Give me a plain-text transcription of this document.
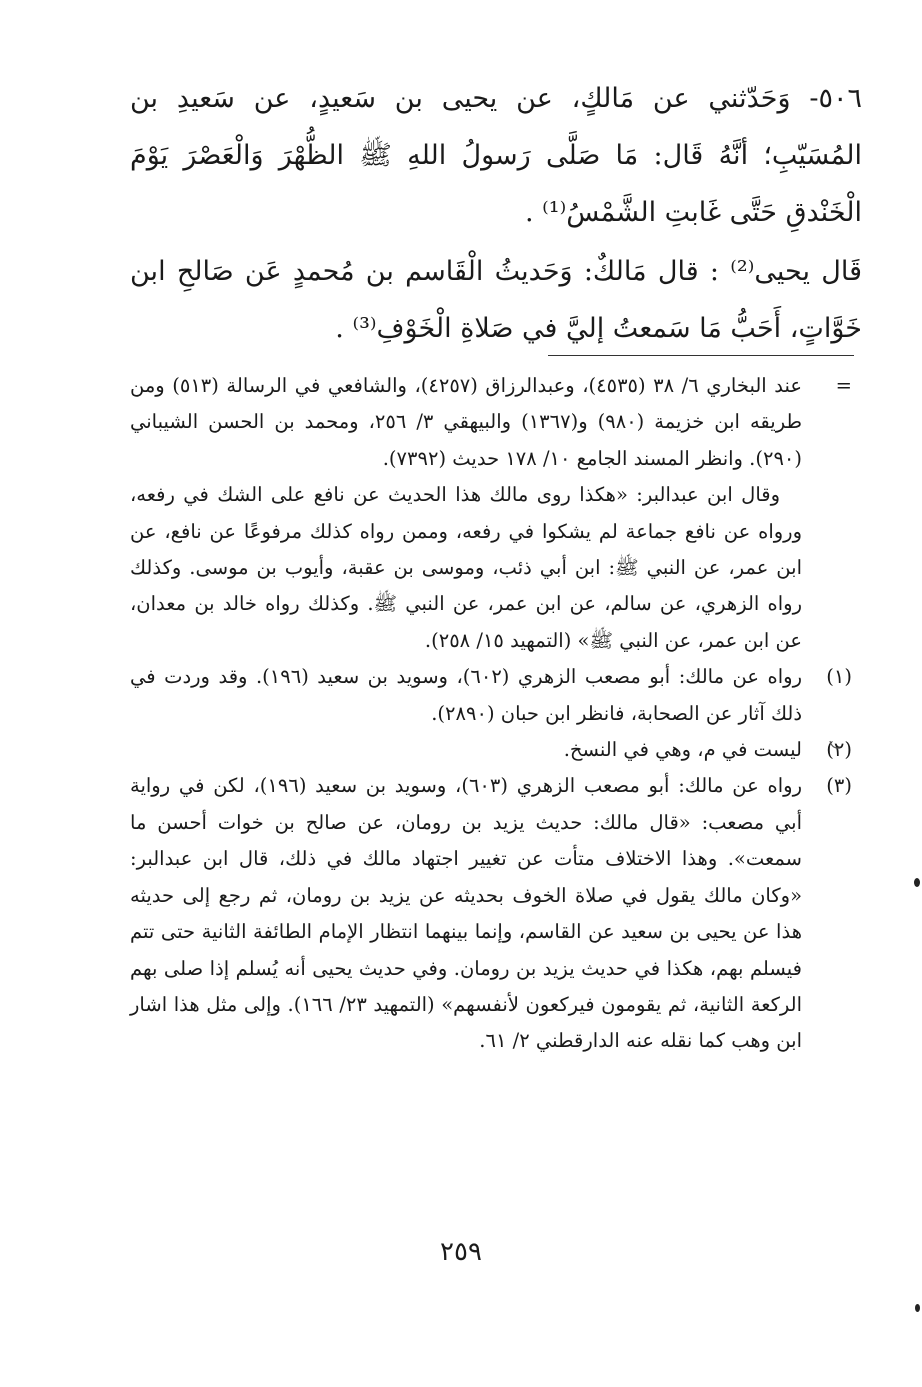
٥٠٦- وَحَدّثني عن مَالكٍ، عن يحيى بن سَعيدٍ، عن سَعيدِ بن المُسَيّبِ؛ أنَّهُ قَال: مَا صَلَّى رَسولُ اللهِ ﷺ الظُّهْرَ وَالْعَصْرَ يَوْمَ الْخَنْدقِ حَتَّى غَابتِ الشَّمْسُ⁽¹⁾ .

قَال يحيى⁽²⁾ : قال مَالكٌ: وَحَديثُ الْقَاسم بن مُحمدٍ عَن صَالحِ ابن خَوَّاتٍ، أَحَبُّ مَا سَمعتُ إليَّ في صَلاةِ الْخَوْفِ⁽³⁾ .

=

عند البخاري ٦/ ٣٨ (٤٥٣٥)، وعبدالرزاق (٤٢٥٧)، والشافعي في الرسالة (٥١٣) ومن طريقه ابن خزيمة (٩٨٠) و(١٣٦٧) والبيهقي ٣/ ٢٥٦، ومحمد بن الحسن الشيباني (٢٩٠). وانظر المسند الجامع ١٠/ ١٧٨ حديث (٧٣٩٢).

وقال ابن عبدالبر: «هكذا روى مالك هذا الحديث عن نافع على الشك في رفعه، ورواه عن نافع جماعة لم يشكوا في رفعه، وممن رواه كذلك مرفوعًا عن نافع، عن ابن عمر، عن النبي ﷺ: ابن أبي ذئب، وموسى بن عقبة، وأيوب بن موسى. وكذلك رواه الزهري، عن سالم، عن ابن عمر، عن النبي ﷺ. وكذلك رواه خالد بن معدان، عن ابن عمر، عن النبي ﷺ» (التمهيد ١٥/ ٢٥٨).

(١)

رواه عن مالك: أبو مصعب الزهري (٦٠٢)، وسويد بن سعيد (١٩٦). وقد وردت في ذلك آثار عن الصحابة، فانظر ابن حبان (٢٨٩٠).

(٢)

ليست في م، وهي في النسخ.

(٣)

رواه عن مالك: أبو مصعب الزهري (٦٠٣)، وسويد بن سعيد (١٩٦)، لكن في رواية أبي مصعب: «قال مالك: حديث يزيد بن رومان، عن صالح بن خوات أحسن ما سمعت». وهذا الاختلاف متأت عن تغيير اجتهاد مالك في ذلك، قال ابن عبدالبر: «وكان مالك يقول في صلاة الخوف بحديثه عن يزيد بن رومان، ثم رجع إلى حديثه هذا عن يحيى بن سعيد عن القاسم، وإنما بينهما انتظار الإمام الطائفة الثانية حتى تتم فيسلم بهم، هكذا في حديث يزيد بن رومان. وفي حديث يحيى أنه يُسلم إذا صلى بهم الركعة الثانية، ثم يقومون فيركعون لأنفسهم» (التمهيد ٢٣/ ١٦٦). وإلى مثل هذا اشار ابن وهب كما نقله عنه الدارقطني ٢/ ٦١.

٢٥٩
